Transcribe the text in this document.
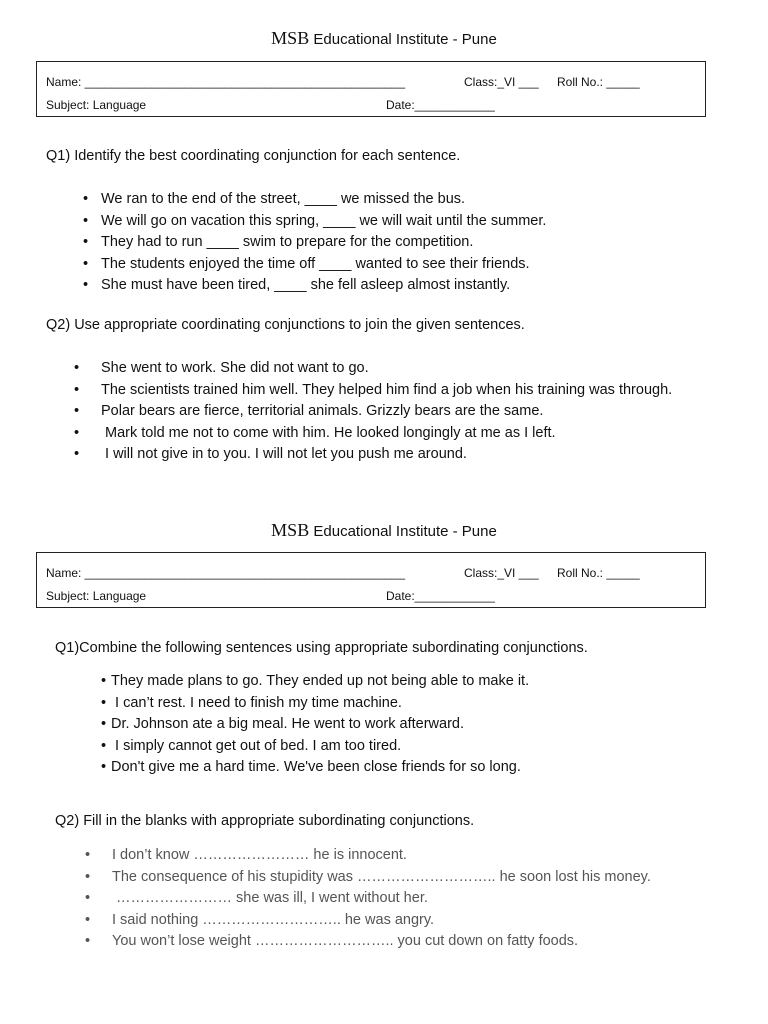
MSB Educational Institute - Pune
Name: ________________________________________________	Class:_VI ___ Roll No.: _____
Subject: Language	Date:____________
Q1) Identify the best coordinating conjunction for each sentence.
• We ran to the end of the street, ____ we missed the bus.
• We will go on vacation this spring, ____ we will wait until the summer.
• They had to run ____ swim to prepare for the competition.
• The students enjoyed the time off ____ wanted to see their friends.
• She must have been tired, ____ she fell asleep almost instantly.
Q2) Use appropriate coordinating conjunctions to join the given sentences.
•	She went to work. She did not want to go.
•	The scientists trained him well. They helped him find a job when his training was through.
•	Polar bears are fierce, territorial animals. Grizzly bears are the same.
•	Mark told me not to come with him. He looked longingly at me as I left.
•	I will not give in to you. I will not let you push me around.
MSB Educational Institute - Pune
Name: ________________________________________________	Class:_VI ___ Roll No.: _____
Subject: Language	Date:____________
Q1)Combine the following sentences using appropriate subordinating conjunctions.
• They made plans to go. They ended up not being able to make it.
• I can’t rest. I need to finish my time machine.
• Dr. Johnson ate a big meal. He went to work afterward.
• I simply cannot get out of bed. I am too tired.
• Don't give me a hard time. We've been close friends for so long.
Q2) Fill in the blanks with appropriate subordinating conjunctions.
•	I don’t know …………………… he is innocent.
•	The consequence of his stupidity was ……………………….. he soon lost his money.
•	…………………… she was ill, I went without her.
•	I said nothing ……………………….. he was angry.
•	You won’t lose weight ……………………….. you cut down on fatty foods.
